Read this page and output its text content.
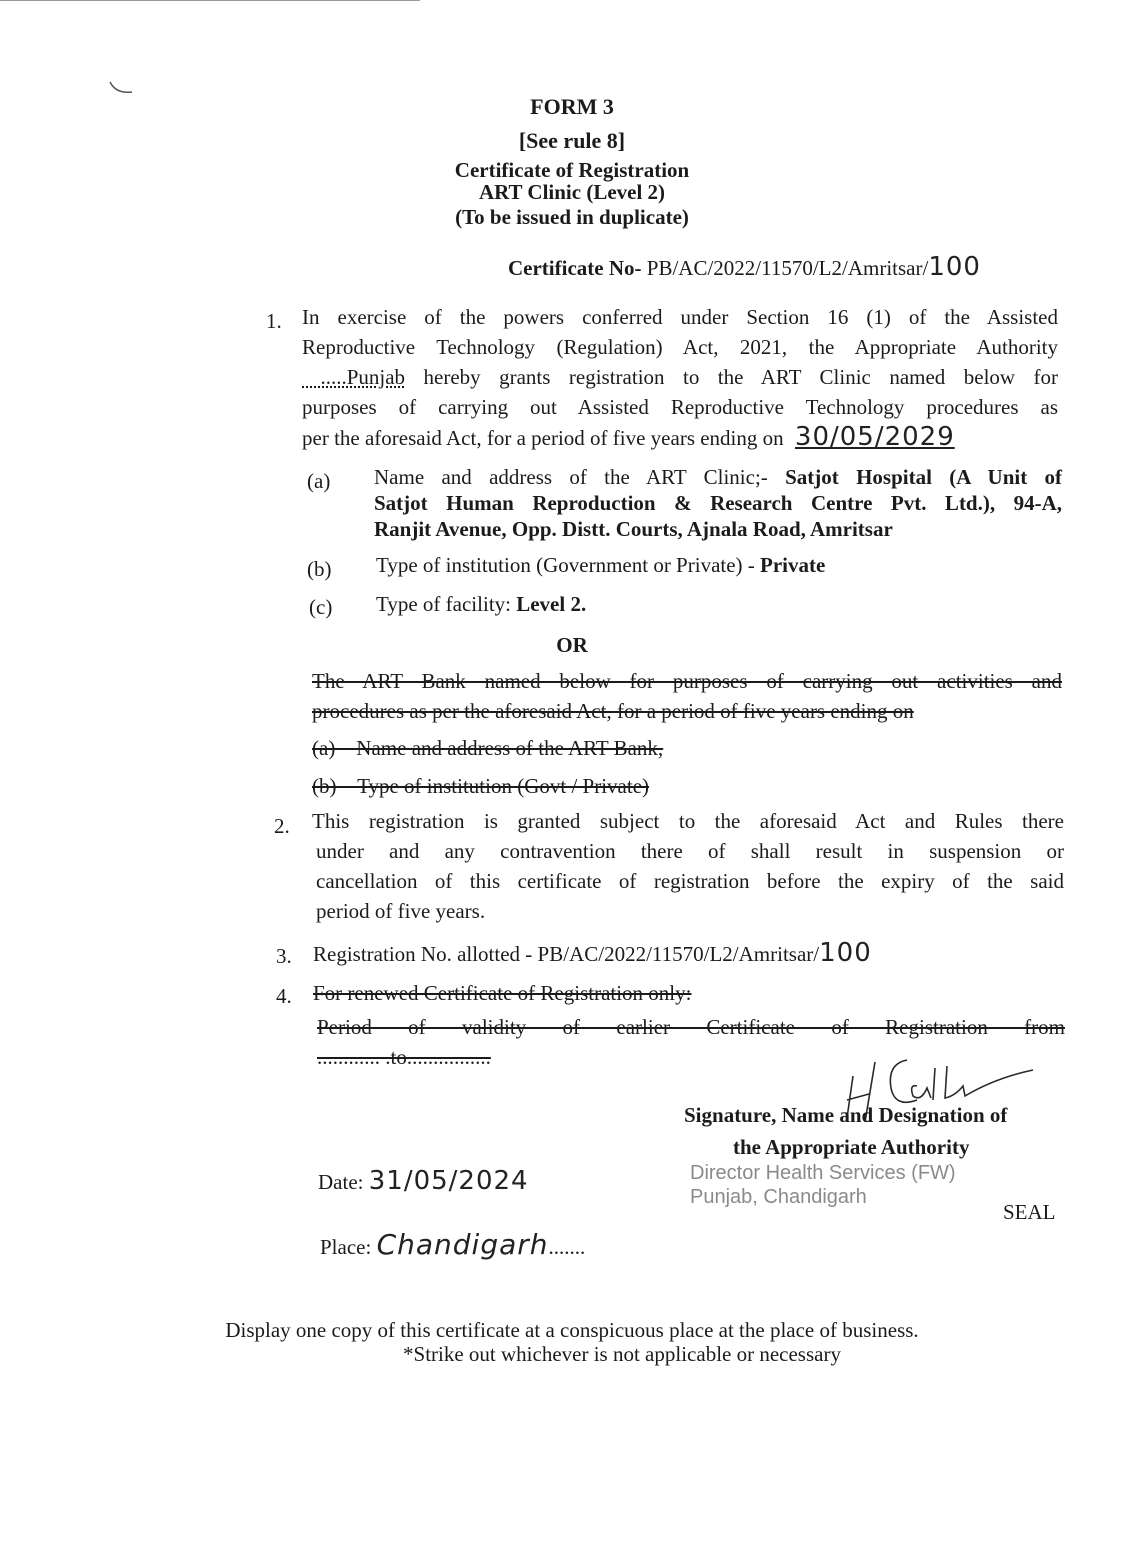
FORM 3
[See rule 8]
Certificate of Registration
ART Clinic (Level 2)
(To be issued in duplicate)
Certificate No- PB/AC/2022/11570/L2/Amritsar/100
1. In exercise of the powers conferred under Section 16 (1) of the Assisted
Reproductive Technology (Regulation) Act, 2021, the Appropriate Authority
.....Punjab hereby grants registration to the ART Clinic named below for
purposes of carrying out Assisted Reproductive Technology procedures as
per the aforesaid Act, for a period of five years ending on 30/05/2029
(a) Name and address of the ART Clinic;- Satjot Hospital (A Unit of
Satjot Human Reproduction & Research Centre Pvt. Ltd.), 94-A,
Ranjit Avenue, Opp. Distt. Courts, Ajnala Road, Amritsar
(b) Type of institution (Government or Private) - Private
(c) Type of facility: Level 2.
OR
The ART Bank named below for purposes of carrying out activities and
procedures as per the aforesaid Act, for a period of five years ending on
(a)    Name and address of the ART Bank,
(b)    Type of institution (Govt / Private)
2. This registration is granted subject to the aforesaid Act and Rules there
under and any contravention there of shall result in suspension or
cancellation of this certificate of registration before the expiry of the said
period of five years.
3. Registration No. allotted - PB/AC/2022/11570/L2/Amritsar/100
4. For renewed Certificate of Registration only:
Period of validity of earlier Certificate of Registration from
............ .to................
Signature, Name and Designation of
the Appropriate Authority
Director Health Services (FW)
Punjab, Chandigarh
SEAL
Date: 31/05/2024
Place: Chandigarh.......
Display one copy of this certificate at a conspicuous place at the place of business.
*Strike out whichever is not applicable or necessary
